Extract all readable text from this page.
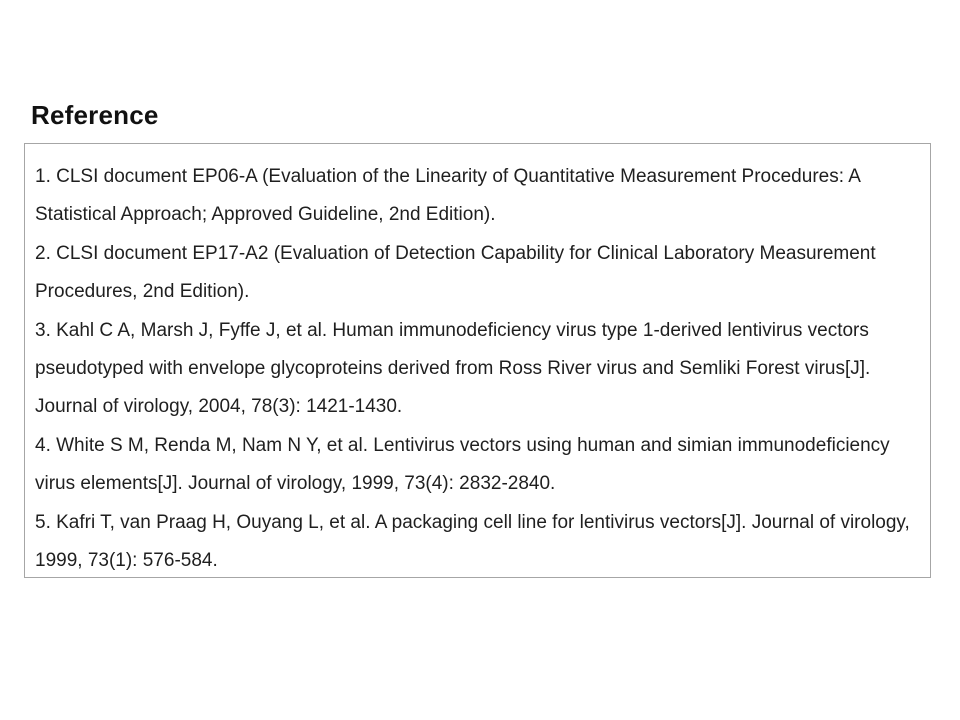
Reference
1. CLSI document EP06-A (Evaluation of the Linearity of Quantitative Measurement Procedures: A Statistical Approach; Approved Guideline, 2nd Edition).
2. CLSI document EP17-A2 (Evaluation of Detection Capability for Clinical Laboratory Measurement Procedures, 2nd Edition).
3. Kahl C A, Marsh J, Fyffe J, et al. Human immunodeficiency virus type 1-derived lentivirus vectors pseudotyped with envelope glycoproteins derived from Ross River virus and Semliki Forest virus[J]. Journal of virology, 2004, 78(3): 1421-1430.
4. White S M, Renda M, Nam N Y, et al. Lentivirus vectors using human and simian immunodeficiency virus elements[J]. Journal of virology, 1999, 73(4): 2832-2840.
5. Kafri T, van Praag H, Ouyang L, et al. A packaging cell line for lentivirus vectors[J]. Journal of virology, 1999, 73(1): 576-584.
